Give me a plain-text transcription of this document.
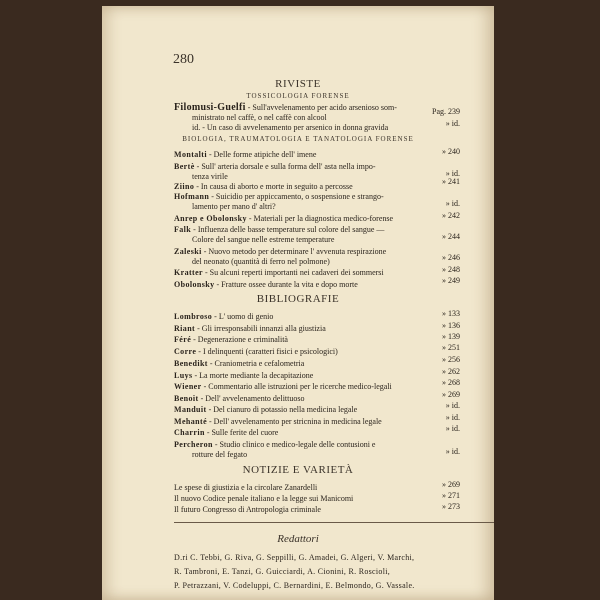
280
RIVISTE
TOSSICOLOGIA FORENSE
Filomusi-Guelfi - Sull'avvelenamento per acido arsenioso som-
ministrato nel caffè, o nel caffè con alcool
Pag. 239
id. - Un caso di avvelenamento per arsenico in donna gravida	» id.
BIOLOGIA, TRAUMATOLOGIA E TANATOLOGIA FORENSE
Montalti - Delle forme atipiche dell' imene	» 240
Bertè - Sull' arteria dorsale e sulla forma dell' asta nella impo-
tenza virile	» id.
Ziino - In causa di aborto e morte in seguito a percosse
» 241
Hofmann - Suicidio per appiccamento, o sospensione e strango-
lamento per mano d' altri?	» id.
Anrep e Obolonsky - Materiali per la diagnostica medico-forense	» 242
Falk - Influenza delle basse temperature sul colore del sangue —
Colore del sangue nelle estreme temperature	» 244
Zaleski - Nuovo metodo per determinare l' avvenuta respirazione
del neonato (quantità di ferro nel polmone)	» 246
Kratter - Su alcuni reperti importanti nei cadaveri dei sommersi	» 248
Obolonsky - Fratture ossee durante la vita e dopo morte	» 249
BIBLIOGRAFIE
Lombroso - L' uomo di genio	» 133
Riant - Gli irresponsabili innanzi alla giustizia	» 136
Féré - Degenerazione e criminalità	» 139
Corre - I delinquenti (caratteri fisici e psicologici)	» 251
Benedikt - Craniometria e cefalometria	» 256
Luys - La morte mediante la decapitazione	» 262
Wiener - Commentario alle istruzioni per le ricerche medico-legali	» 268
Benoit - Dell' avvelenamento delittuoso	» 269
Manduit - Del cianuro di potassio nella medicina legale	» id.
Mehanté - Dell' avvelenamento per stricnina in medicina legale	» id.
Charrin - Sulle ferite del cuore	» id.
Percheron - Studio clinico e medico-legale delle contusioni e
rotture del fegato	» id.
NOTIZIE E VARIETÀ
Le spese di giustizia e la circolare Zanardelli	» 269
Il nuovo Codice penale italiano e la legge sui Manicomi	» 271
Il futuro Congresso di Antropologia criminale	» 273
Redattori
D.ri C. Tebbi, G. Riva, G. Seppilli, G. Amadei, G. Algeri, V. Marchi,
R. Tambroni, E. Tanzi, G. Guicciardi, A. Cionini, R. Roscioli,
P. Petrazzani, V. Codeluppi, C. Bernardini, E. Belmondo, G. Vassale.
